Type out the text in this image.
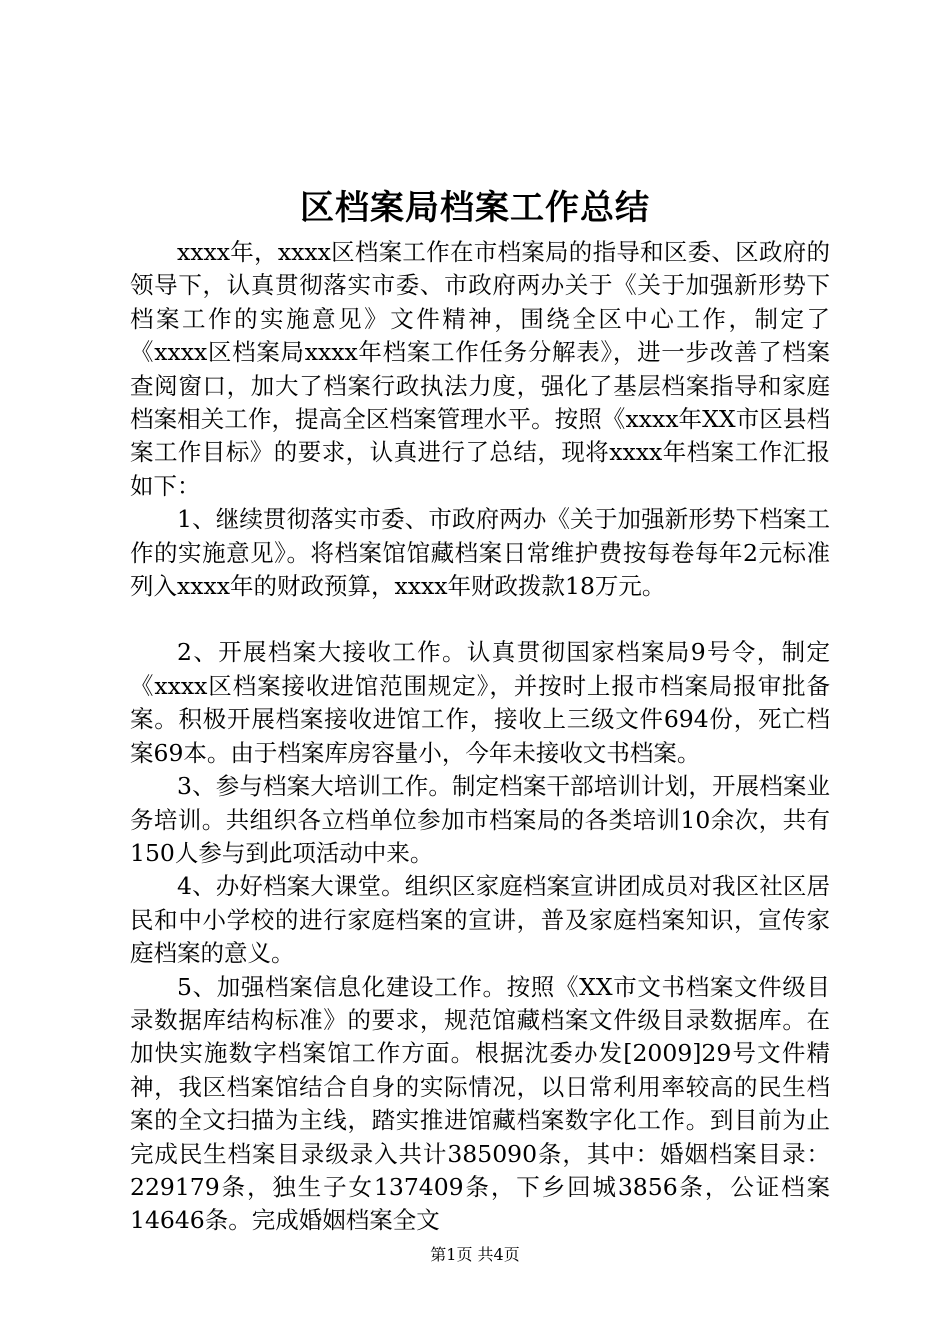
区档案局档案工作总结

xxxx年，xxxx区档案工作在市档案局的指导和区委、区政府的领导下，认真贯彻落实市委、市政府两办关于《关于加强新形势下档案工作的实施意见》文件精神，围绕全区中心工作，制定了《xxxx区档案局xxxx年档案工作任务分解表》，进一步改善了档案查阅窗口，加大了档案行政执法力度，强化了基层档案指导和家庭档案相关工作，提高全区档案管理水平。按照《xxxx年XX市区县档案工作目标》的要求，认真进行了总结，现将xxxx年档案工作汇报如下：

1、继续贯彻落实市委、市政府两办《关于加强新形势下档案工作的实施意见》。将档案馆馆藏档案日常维护费按每卷每年2元标准列入xxxx年的财政预算，xxxx年财政拨款18万元。

2、开展档案大接收工作。认真贯彻国家档案局9号令，制定《xxxx区档案接收进馆范围规定》，并按时上报市档案局报审批备案。积极开展档案接收进馆工作，接收上三级文件694份，死亡档案69本。由于档案库房容量小，今年未接收文书档案。

3、参与档案大培训工作。制定档案干部培训计划，开展档案业务培训。共组织各立档单位参加市档案局的各类培训10余次，共有150人参与到此项活动中来。

4、办好档案大课堂。组织区家庭档案宣讲团成员对我区社区居民和中小学校的进行家庭档案的宣讲，普及家庭档案知识，宣传家庭档案的意义。

5、加强档案信息化建设工作。按照《XX市文书档案文件级目录数据库结构标准》的要求，规范馆藏档案文件级目录数据库。在加快实施数字档案馆工作方面。根据沈委办发[2009]29号文件精神，我区档案馆结合自身的实际情况，以日常利用率较高的民生档案的全文扫描为主线，踏实推进馆藏档案数字化工作。到目前为止完成民生档案目录级录入共计385090条，其中：婚姻档案目录：229179条，独生子女137409条，下乡回城3856条，公证档案14646条。完成婚姻档案全文

第1页 共4页
